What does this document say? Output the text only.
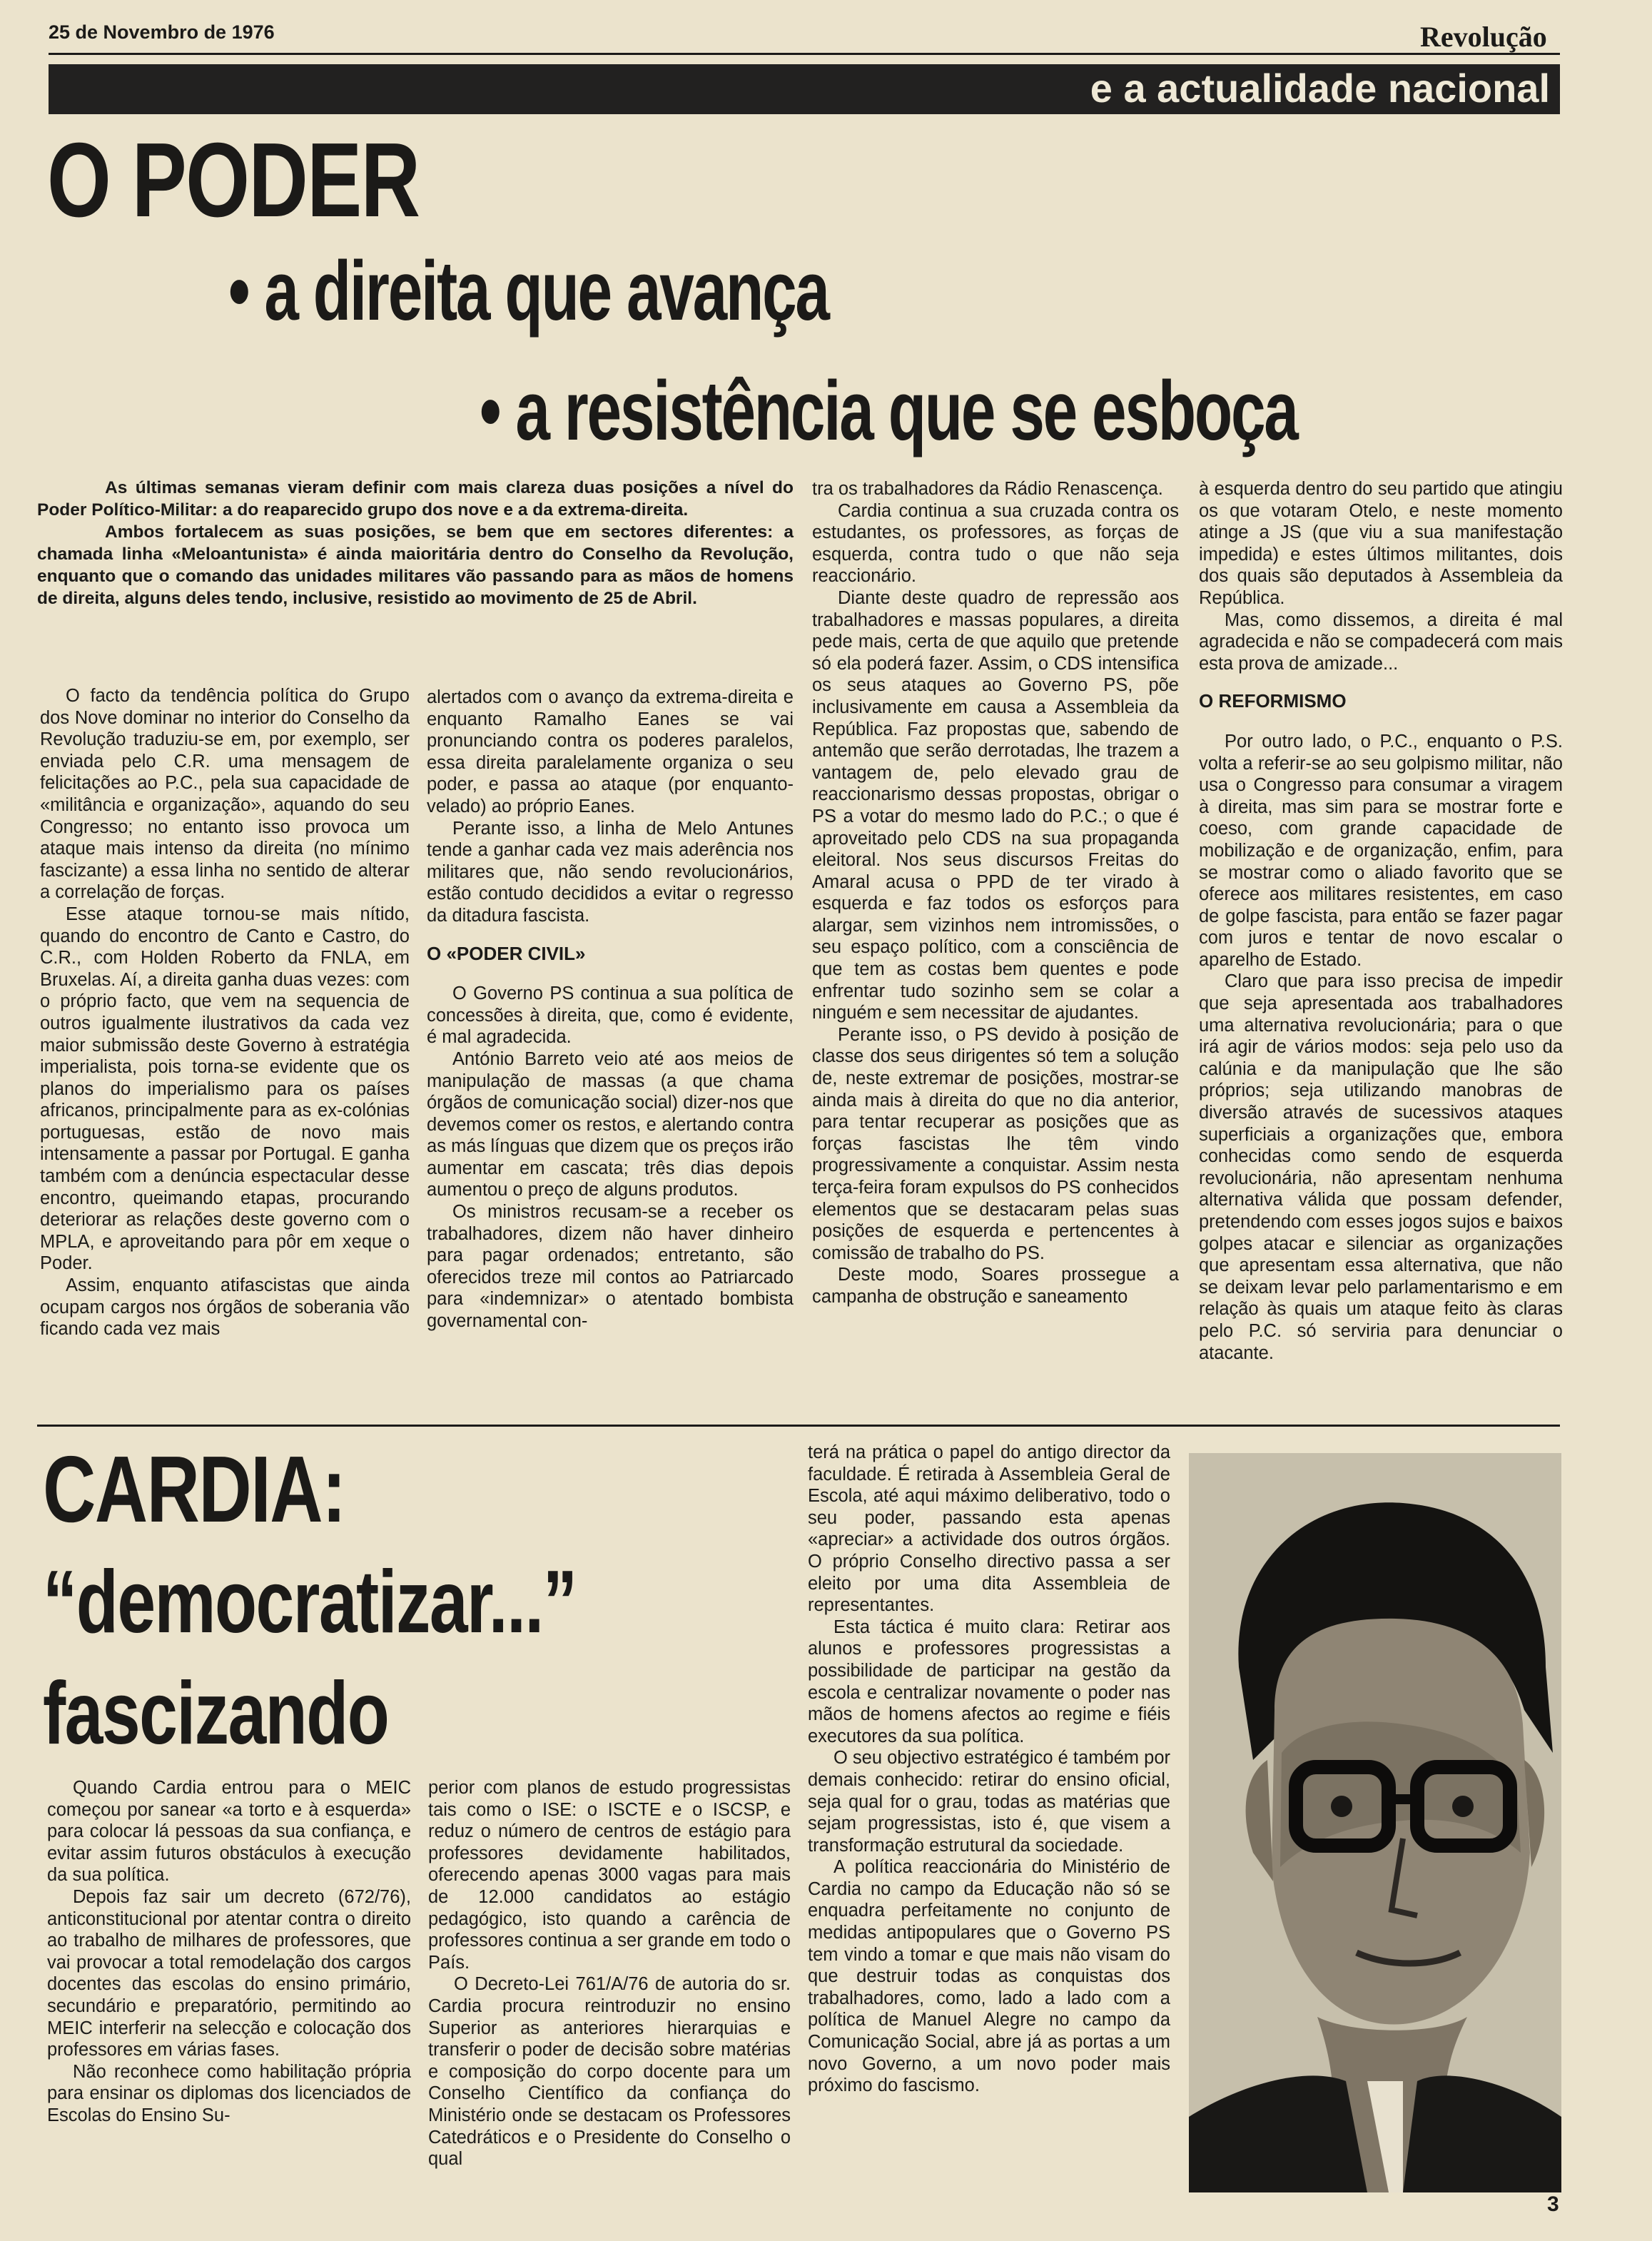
25 de Novembro de 1976	Revolução
e a actualidade nacional
O PODER
• a direita que avança
• a resistência que se esboça

As últimas semanas vieram definir com mais clareza duas posições a nível do Poder Político-Militar: a do reaparecido grupo dos nove e a da extrema-direita.

Ambos fortalecem as suas posições, se bem que em sectores diferentes: a chamada linha «Meloantunista» é ainda maioritária dentro do Conselho da Revolução, enquanto que o comando das unidades militares vão passando para as mãos de homens de direita, alguns deles tendo, inclusive, resistido ao movimento de 25 de Abril.

O facto da tendência política do Grupo dos Nove dominar no interior do Conselho da Revolução traduziu-se em, por exemplo, ser enviada pelo C.R. uma mensagem de felicitações ao P.C., pela sua capacidade de «militância e organização», aquando do seu Congresso; no entanto isso provoca um ataque mais intenso da direita (no mínimo fascizante) a essa linha no sentido de alterar a correlação de forças.

Esse ataque tornou-se mais nítido, quando do encontro de Canto e Castro, do C.R., com Holden Roberto da FNLA, em Bruxelas. Aí, a direita ganha duas vezes: com o próprio facto, que vem na sequencia de outros igualmente ilustrativos da cada vez maior submissão deste Governo à estratégia imperialista, pois torna-se evidente que os planos do imperialismo para os países africanos, principalmente para as ex-colónias portuguesas, estão de novo mais intensamente a passar por Portugal. E ganha também com a denúncia espectacular desse encontro, queimando etapas, procurando deteriorar as relações deste governo com o MPLA, e aproveitando para pôr em xeque o Poder.

Assim, enquanto atifascistas que ainda ocupam cargos nos órgãos de soberania vão ficando cada vez mais

alertados com o avanço da extrema-direita e enquanto Ramalho Eanes se vai pronunciando contra os poderes paralelos, essa direita paralelamente organiza o seu poder, e passa ao ataque (por enquanto-velado) ao próprio Eanes.

Perante isso, a linha de Melo Antunes tende a ganhar cada vez mais aderência nos militares que, não sendo revolucionários, estão contudo decididos a evitar o regresso da ditadura fascista.

O «PODER CIVIL»

O Governo PS continua a sua política de concessões à direita, que, como é evidente, é mal agradecida.

António Barreto veio até aos meios de manipulação de massas (a que chama órgãos de comunicação social) dizer-nos que devemos comer os restos, e alertando contra as más línguas que dizem que os preços irão aumentar em cascata; três dias depois aumentou o preço de alguns produtos.

Os ministros recusam-se a receber os trabalhadores, dizem não haver dinheiro para pagar ordenados; entretanto, são oferecidos treze mil contos ao Patriarcado para «indemnizar» o atentado bombista governamental con-

tra os trabalhadores da Rádio Renascença.

Cardia continua a sua cruzada contra os estudantes, os professores, as forças de esquerda, contra tudo o que não seja reaccionário.

Diante deste quadro de repressão aos trabalhadores e massas populares, a direita pede mais, certa de que aquilo que pretende só ela poderá fazer. Assim, o CDS intensifica os seus ataques ao Governo PS, põe inclusivamente em causa a Assembleia da República. Faz propostas que, sabendo de antemão que serão derrotadas, lhe trazem a vantagem de, pelo elevado grau de reaccionarismo dessas propostas, obrigar o PS a votar do mesmo lado do P.C.; o que é aproveitado pelo CDS na sua propaganda eleitoral. Nos seus discursos Freitas do Amaral acusa o PPD de ter virado à esquerda e faz todos os esforços para alargar, sem vizinhos nem intromissões, o seu espaço político, com a consciência de que tem as costas bem quentes e pode enfrentar tudo sozinho sem se colar a ninguém e sem necessitar de ajudantes.

Perante isso, o PS devido à posição de classe dos seus dirigentes só tem a solução de, neste extremar de posições, mostrar-se ainda mais à direita do que no dia anterior, para tentar recuperar as posições que as forças fascistas lhe têm vindo progressivamente a conquistar. Assim nesta terça-feira foram expulsos do PS conhecidos elementos que se destacaram pelas suas posições de esquerda e pertencentes à comissão de trabalho do PS.

Deste modo, Soares prossegue a campanha de obstrução e saneamento

à esquerda dentro do seu partido que atingiu os que votaram Otelo, e neste momento atinge a JS (que viu a sua manifestação impedida) e estes últimos militantes, dois dos quais são deputados à Assembleia da República.

Mas, como dissemos, a direita é mal agradecida e não se compadecerá com mais esta prova de amizade...

O REFORMISMO

Por outro lado, o P.C., enquanto o P.S. volta a referir-se ao seu golpismo militar, não usa o Congresso para consumar a viragem à direita, mas sim para se mostrar forte e coeso, com grande capacidade de mobilização e de organização, enfim, para se mostrar como o aliado favorito que se oferece aos militares resistentes, em caso de golpe fascista, para então se fazer pagar com juros e tentar de novo escalar o aparelho de Estado.

Claro que para isso precisa de impedir que seja apresentada aos trabalhadores uma alternativa revolucionária; para o que irá agir de vários modos: seja pelo uso da calúnia e da manipulação que lhe são próprios; seja utilizando manobras de diversão através de sucessivos ataques superficiais a organizações que, embora conhecidas como sendo de esquerda revolucionária, não apresentam nenhuma alternativa válida que possam defender, pretendendo com esses jogos sujos e baixos golpes atacar e silenciar as organizações que apresentam essa alternativa, que não se deixam levar pelo parlamentarismo e em relação às quais um ataque feito às claras pelo P.C. só serviria para denunciar o atacante.

CARDIA:
“democratizar...”
fascizando

Quando Cardia entrou para o MEIC começou por sanear «a torto e à esquerda» para colocar lá pessoas da sua confiança, e evitar assim futuros obstáculos à execução da sua política.

Depois faz sair um decreto (672/76), anticonstitucional por atentar contra o direito ao trabalho de milhares de professores, que vai provocar a total remodelação dos cargos docentes das escolas do ensino primário, secundário e preparatório, permitindo ao MEIC interferir na selecção e colocação dos professores em várias fases.

Não reconhece como habilitação própria para ensinar os diplomas dos licenciados de Escolas do Ensino Su-

perior com planos de estudo progressistas tais como o ISE: o ISCTE e o ISCSP, e reduz o número de centros de estágio para professores devidamente habilitados, oferecendo apenas 3000 vagas para mais de 12.000 candidatos ao estágio pedagógico, isto quando a carência de professores continua a ser grande em todo o País.

O Decreto-Lei 761/A/76 de autoria do sr. Cardia procura reintroduzir no ensino Superior as anteriores hierarquias e transferir o poder de decisão sobre matérias e composição do corpo docente para um Conselho Científico da confiança do Ministério onde se destacam os Professores Catedráticos e o Presidente do Conselho o qual

terá na prática o papel do antigo director da faculdade. É retirada à Assembleia Geral de Escola, até aqui máximo deliberativo, todo o seu poder, passando esta apenas «apreciar» a actividade dos outros órgãos. O próprio Conselho directivo passa a ser eleito por uma dita Assembleia de representantes.

Esta táctica é muito clara: Retirar aos alunos e professores progressistas a possibilidade de participar na gestão da escola e centralizar novamente o poder nas mãos de homens afectos ao regime e fiéis executores da sua política.

O seu objectivo estratégico é também por demais conhecido: retirar do ensino oficial, seja qual for o grau, todas as matérias que sejam progressistas, isto é, que visem a transformação estrutural da sociedade.

A política reaccionária do Ministério de Cardia no campo da Educação não só se enquadra perfeitamente no conjunto de medidas antipopulares que o Governo PS tem vindo a tomar e que mais não visam do que destruir todas as conquistas dos trabalhadores, como, lado a lado com a política de Manuel Alegre no campo da Comunicação Social, abre já as portas a um novo Governo, a um novo poder mais próximo do fascismo.

3
